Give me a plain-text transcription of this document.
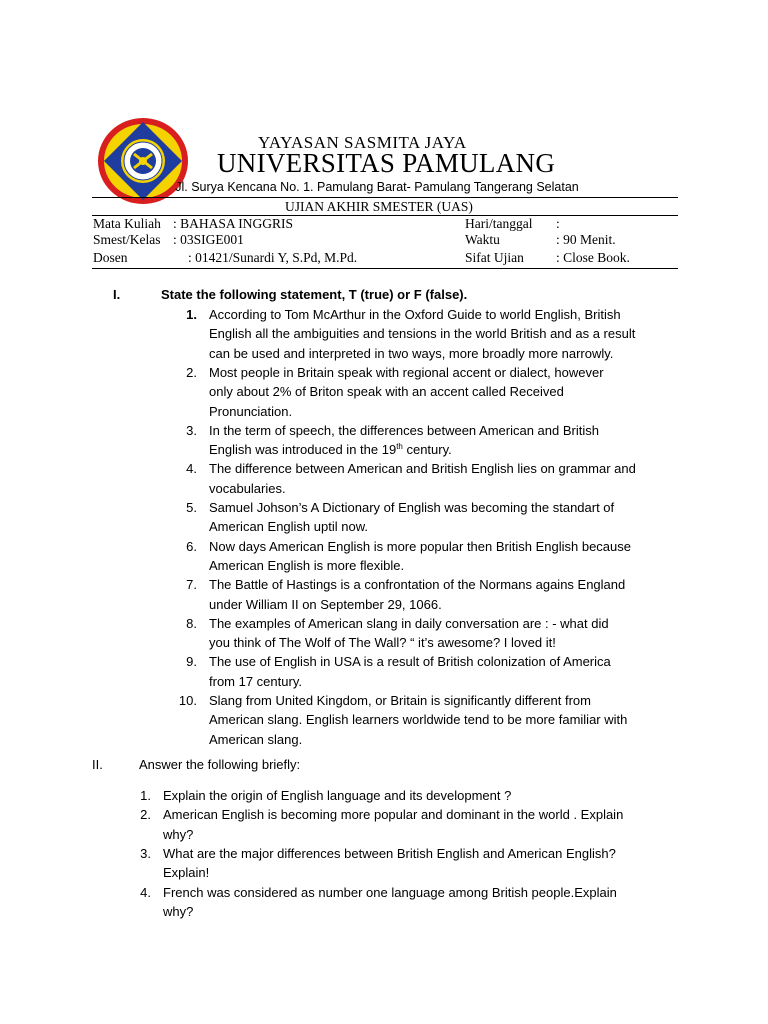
YAYASAN SASMITA JAYA
UNIVERSITAS PAMULANG
Jl. Surya Kencana No. 1. Pamulang Barat- Pamulang Tangerang Selatan
UJIAN AKHIR SMESTER (UAS)
Mata Kuliah : BAHASA INGGRIS	Hari/tanggal :
Smest/Kelas : 03SIGE001	Waktu	: 90 Menit.
Dosen	: 01421/Sunardi Y, S.Pd, M.Pd.	Sifat Ujian : Close Book.
I.	State the following statement, T (true) or F (false).
1. According to Tom McArthur in the Oxford Guide to world English, British
English all the ambiguities and tensions in the world British and as a result
can be used and interpreted in two ways, more broadly more narrowly.
2. Most people in Britain speak with regional accent or dialect, however
only about 2% of Briton speak with an accent called Received
Pronunciation.
3. In the term of speech, the differences between American and British
English was introduced in the 19th century.
4. The difference between American and British English lies on grammar and
vocabularies.
5. Samuel Johson’s A Dictionary of English was becoming the standart of
American English uptil now.
6. Now days American English is more popular then British English because
American English is more flexible.
7. The Battle of Hastings is a confrontation of the Normans agains England
under William II on September 29, 1066.
8. The examples of American slang in daily conversation are : - what did
you think of The Wolf of The Wall? “ it’s awesome? I loved it!
9. The use of English in USA is a result of British colonization of America
from 17 century.
10. Slang from United Kingdom, or Britain is significantly different from
American slang. English learners worldwide tend to be more familiar with
American slang.
II.	Answer the following briefly:
1. Explain the origin of English language and its development ?
2. American English is becoming more popular and dominant in the world . Explain
why?
3. What are the major differences between British English and American English?
Explain!
4. French was considered as number one language among British people.Explain
why?
